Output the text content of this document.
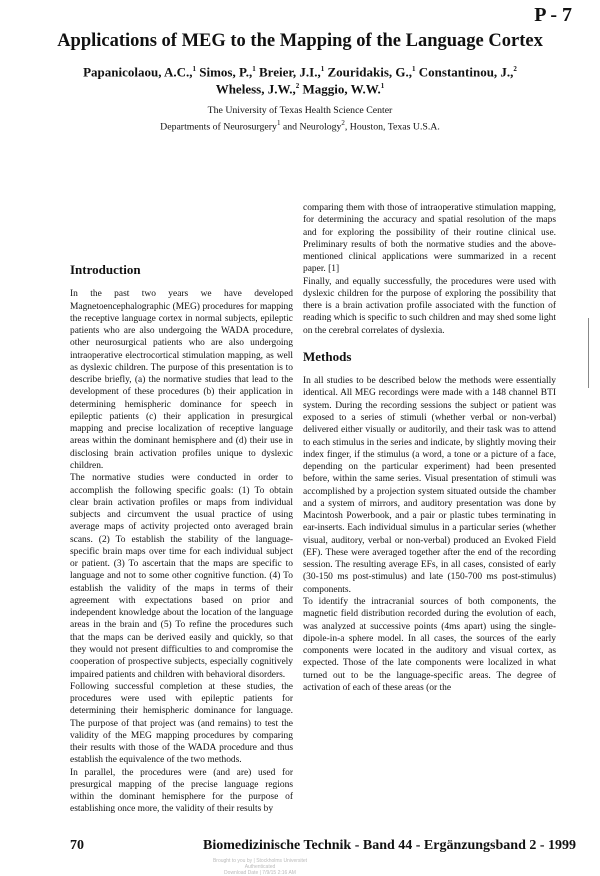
P - 7
Applications of MEG to the Mapping of the Language Cortex
Papanicolaou, A.C.,$^1$ Simos, P.,$^1$ Breier, J.I.,$^1$ Zouridakis, G.,$^1$ Constantinou, J.,$^2$
Wheless, J.W.,$^2$ Maggio, W.W.$^1$
The University of Texas Health Science Center
Departments of Neurosurgery$^1$ and Neurology$^2$, Houston, Texas U.S.A.
Introduction

In the past two years we have developed Magnetoencephalographic (MEG) procedures for mapping the receptive language cortex in normal subjects, epileptic patients who are also undergoing the WADA procedure, other neurosurgical patients who are also undergoing intraoperative electrocortical stimulation mapping, as well as dyslexic children. The purpose of this presentation is to describe briefly, (a) the normative studies that lead to the development of these procedures (b) their application in determining hemispheric dominance for speech in epileptic patients (c) their application in presurgical mapping and precise localization of receptive language areas within the dominant hemisphere and (d) their use in disclosing brain activation profiles unique to dyslexic children.

The normative studies were conducted in order to accomplish the following specific goals: (1) To obtain clear brain activation profiles or maps from individual subjects and circumvent the usual practice of using average maps of activity projected onto averaged brain scans. (2) To establish the stability of the language-specific brain maps over time for each individual subject or patient. (3) To ascertain that the maps are specific to language and not to some other cognitive function. (4) To establish the validity of the maps in terms of their agreement with expectations based on prior and independent knowledge about the location of the language areas in the brain and (5) To refine the procedures such that the maps can be derived easily and quickly, so that they would not present difficulties to and compromise the cooperation of prospective subjects, especially cognitively impaired patients and children with behavioral disorders.

Following successful completion at these studies, the procedures were used with epileptic patients for determining their hemispheric dominance for language. The purpose of that project was (and remains) to test the validity of the MEG mapping procedures by comparing their results with those of the WADA procedure and thus establish the equivalence of the two methods.

In parallel, the procedures were (and are) used for presurgical mapping of the precise language regions within the dominant hemisphere for the purpose of establishing once more, the validity of their results by

comparing them with those of intraoperative stimulation mapping, for determining the accuracy and spatial resolution of the maps and for exploring the possibility of their routine clinical use. Preliminary results of both the normative studies and the above-mentioned clinical applications were summarized in a recent paper. [1]

Finally, and equally successfully, the procedures were used with dyslexic children for the purpose of exploring the possibility that there is a brain activation profile associated with the function of reading which is specific to such children and may shed some light on the cerebral correlates of dyslexia.

Methods

In all studies to be described below the methods were essentially identical. All MEG recordings were made with a 148 channel BTI system. During the recording sessions the subject or patient was exposed to a series of stimuli (whether verbal or non-verbal) delivered either visually or auditorily, and their task was to attend to each stimulus in the series and indicate, by slightly moving their index finger, if the stimulus (a word, a tone or a picture of a face, depending on the particular experiment) had been presented before, within the same series. Visual presentation of stimuli was accomplished by a projection system situated outside the chamber and a system of mirrors, and auditory presentation was done by Macintosh Powerbook, and a pair or plastic tubes terminating in ear-inserts. Each individual simulus in a particular series (whether visual, auditory, verbal or non-verbal) produced an Evoked Field (EF). These were averaged together after the end of the recording session. The resulting average EFs, in all cases, consisted of early (30-150 ms post-stimulus) and late (150-700 ms post-stimulus) components.

To identify the intracranial sources of both components, the magnetic field distribution recorded during the evolution of each, was analyzed at successive points (4ms apart) using the single-dipole-in-a sphere model. In all cases, the sources of the early components were located in the auditory and visual cortex, as expected. Those of the late components were localized in what turned out to be the language-specific areas. The degree of activation of each of these areas (or the

70	Biomedizinische Technik - Band 44 - Ergänzungsband 2 - 1999
Brought to you by | Stockholms Universitet
Authenticated
Download Date | 7/9/15 2:16 AM
